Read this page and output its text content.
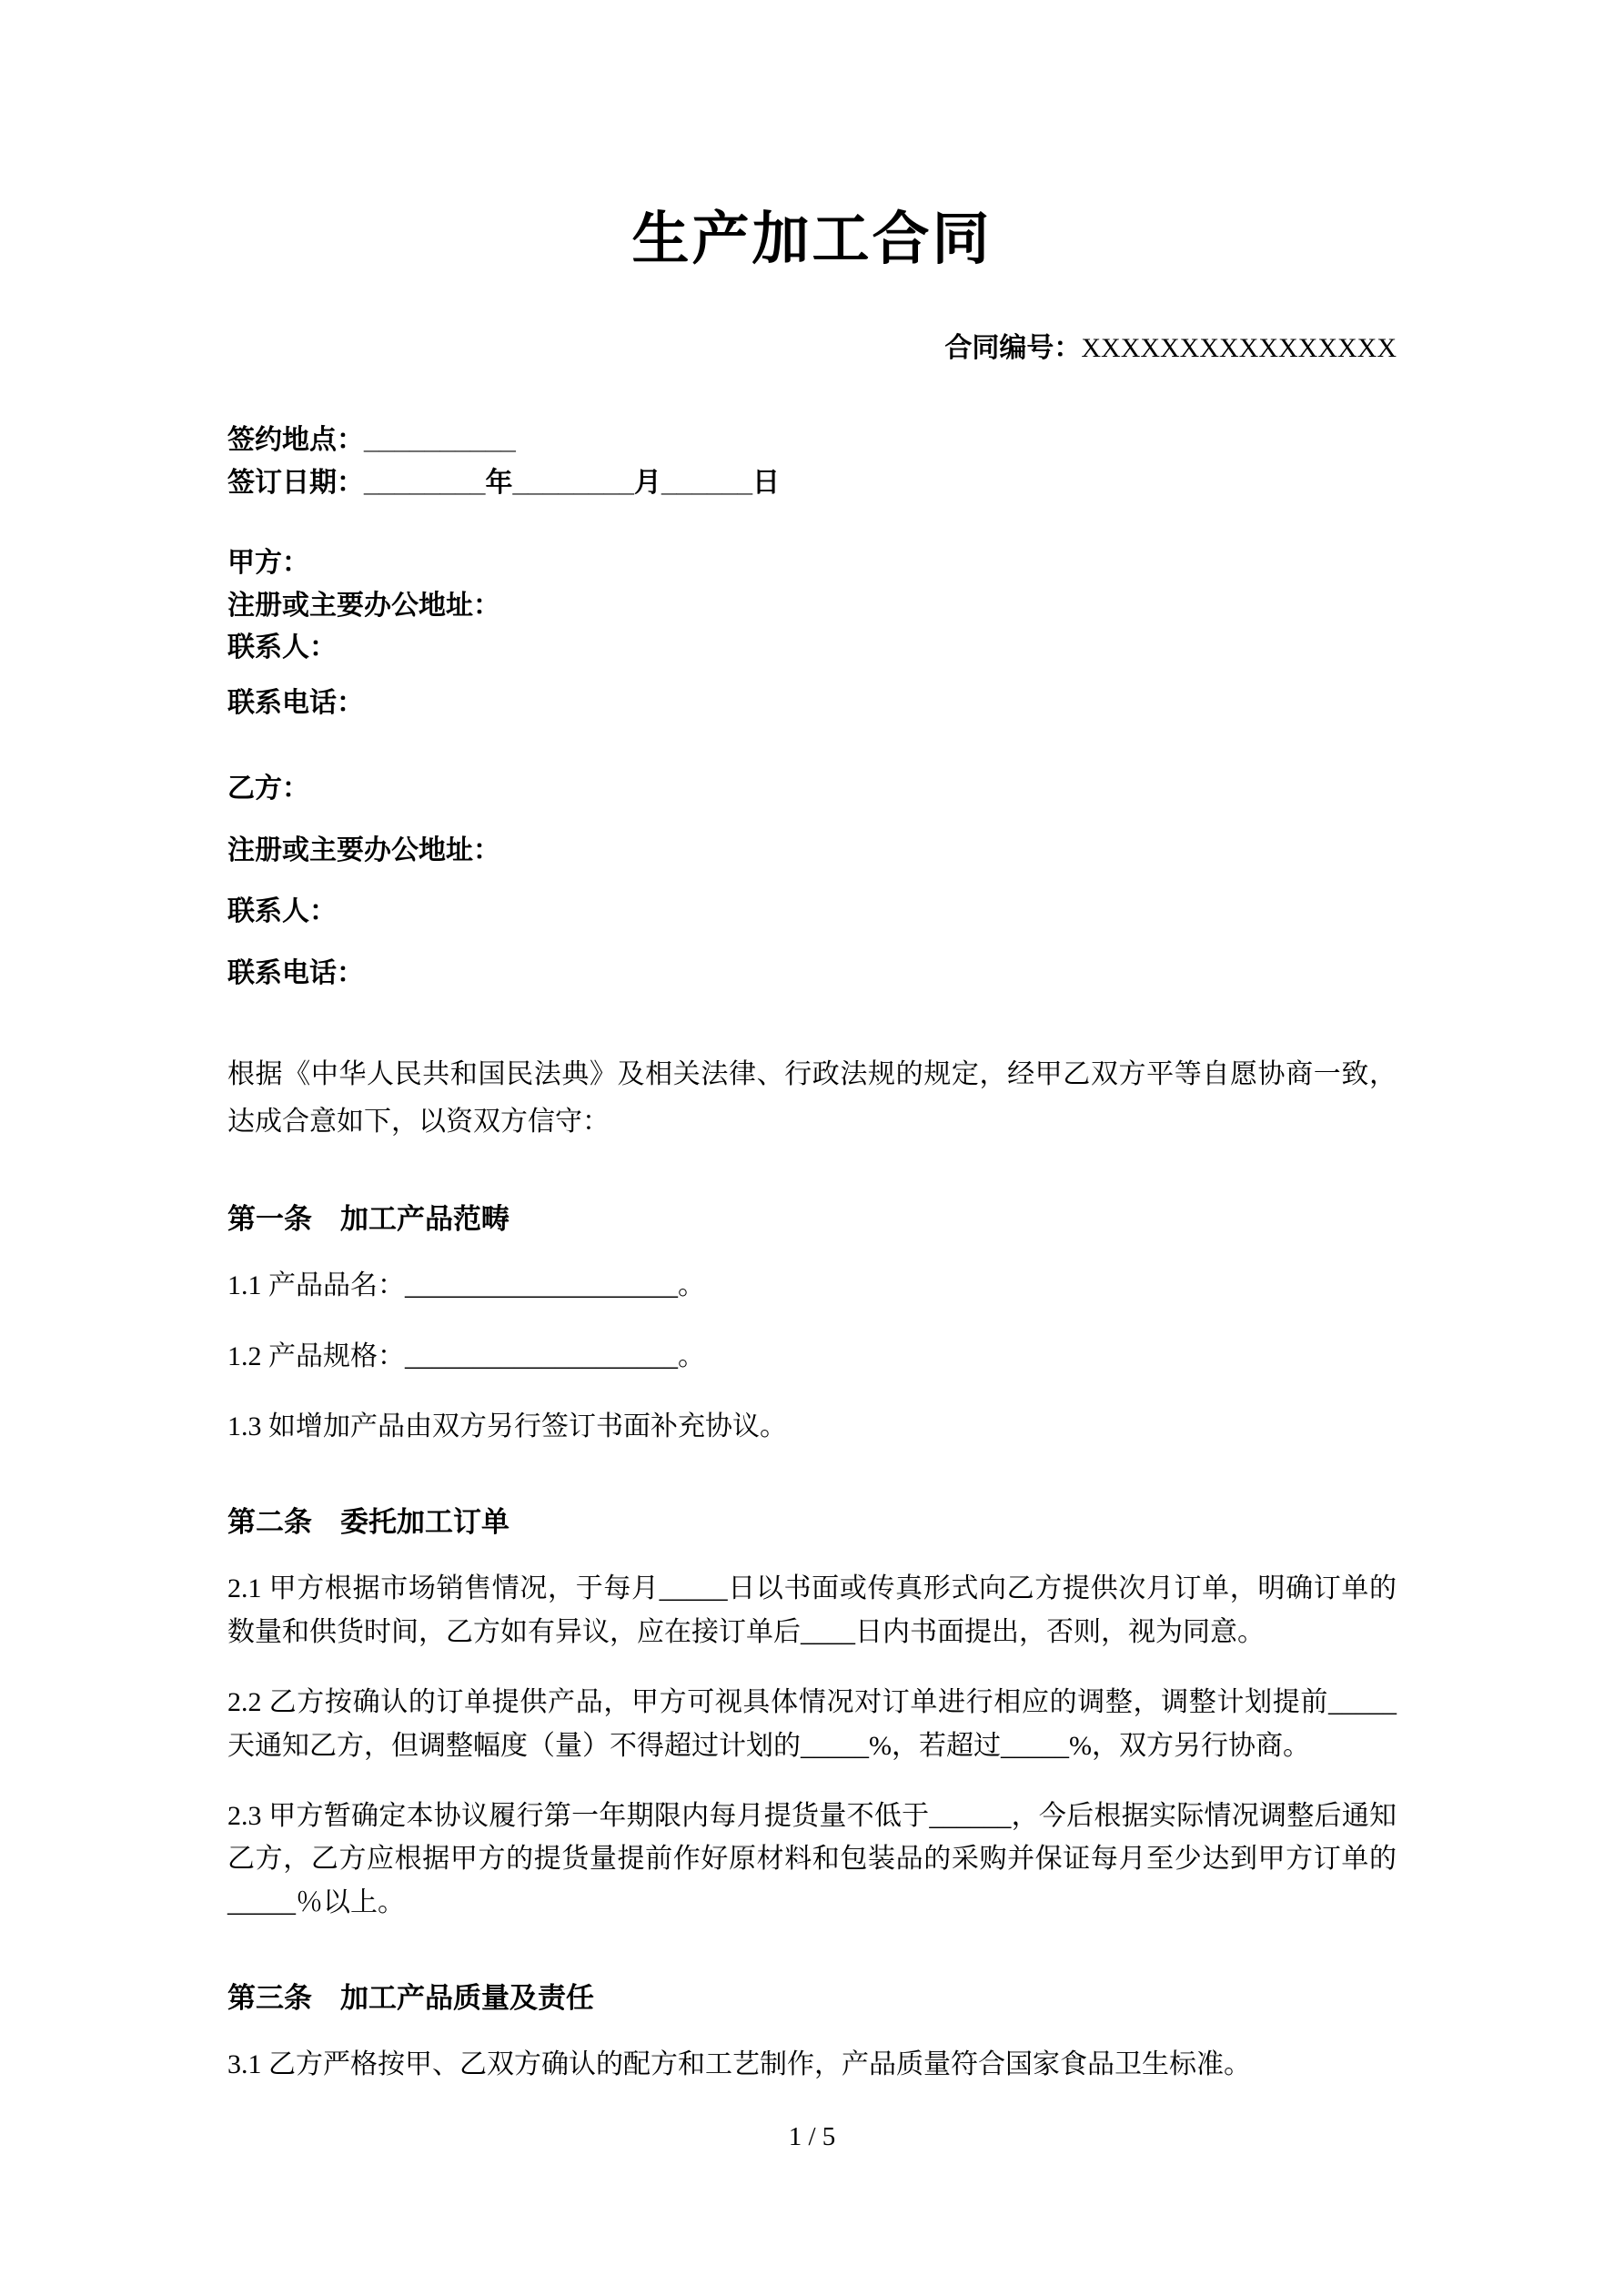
生产加工合同
合同编号：XXXXXXXXXXXXXXXX

签约地点：__________

签订日期：________年________月______日

甲方：

注册或主要办公地址：

联系人：

联系电话：

乙方：

注册或主要办公地址：

联系人：

联系电话：

根据《中华人民共和国民法典》及相关法律、行政法规的规定，经甲乙双方平等自愿协商一致，达成合意如下，以资双方信守：

第一条　加工产品范畴

1.1 产品品名：____________________。

1.2 产品规格：____________________。

1.3 如增加产品由双方另行签订书面补充协议。

第二条　委托加工订单

2.1 甲方根据市场销售情况，于每月_____日以书面或传真形式向乙方提供次月订单，明确订单的数量和供货时间，乙方如有异议，应在接订单后____日内书面提出，否则，视为同意。

2.2 乙方按确认的订单提供产品，甲方可视具体情况对订单进行相应的调整，调整计划提前_____天通知乙方，但调整幅度（量）不得超过计划的_____%，若超过_____%，双方另行协商。

2.3 甲方暂确定本协议履行第一年期限内每月提货量不低于______，今后根据实际情况调整后通知乙方，乙方应根据甲方的提货量提前作好原材料和包装品的采购并保证每月至少达到甲方订单的_____％以上。

第三条　加工产品质量及责任

3.1 乙方严格按甲、乙双方确认的配方和工艺制作，产品质量符合国家食品卫生标准。

1 / 5
